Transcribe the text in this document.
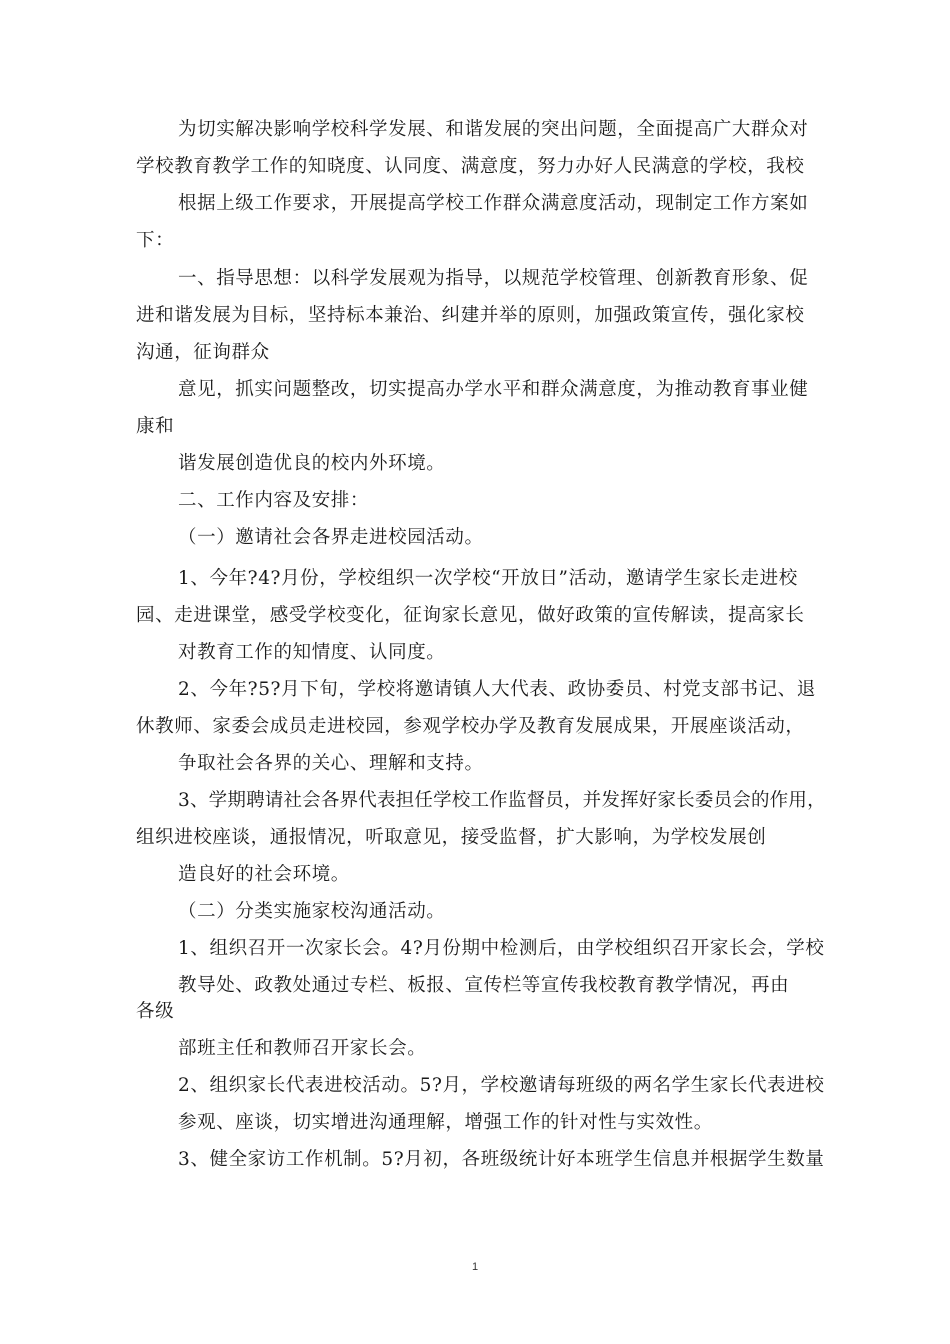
为切实解决影响学校科学发展、和谐发展的突出问题，全面提高广大群众对
学校教育教学工作的知晓度、认同度、满意度，努力办好人民满意的学校，我校
根据上级工作要求，开展提高学校工作群众满意度活动，现制定工作方案如
下：
一、指导思想：以科学发展观为指导，以规范学校管理、创新教育形象、促
进和谐发展为目标，坚持标本兼治、纠建并举的原则，加强政策宣传，强化家校
沟通，征询群众
意见，抓实问题整改，切实提高办学水平和群众满意度，为推动教育事业健
康和
谐发展创造优良的校内外环境。
二、工作内容及安排：
（一）邀请社会各界走进校园活动。
1、今年?4?月份，学校组织一次学校“开放日”活动，邀请学生家长走进校
园、走进课堂，感受学校变化，征询家长意见，做好政策的宣传解读，提高家长
对教育工作的知情度、认同度。
2、今年?5?月下旬，学校将邀请镇人大代表、政协委员、村党支部书记、退
休教师、家委会成员走进校园，参观学校办学及教育发展成果，开展座谈活动，
争取社会各界的关心、理解和支持。
3、学期聘请社会各界代表担任学校工作监督员，并发挥好家长委员会的作用，
组织进校座谈，通报情况，听取意见，接受监督，扩大影响，为学校发展创
造良好的社会环境。
（二）分类实施家校沟通活动。
1、组织召开一次家长会。4?月份期中检测后，由学校组织召开家长会，学校
教导处、政教处通过专栏、板报、宣传栏等宣传我校教育教学情况，再由
各级
部班主任和教师召开家长会。
2、组织家长代表进校活动。5?月，学校邀请每班级的两名学生家长代表进校
参观、座谈，切实增进沟通理解，增强工作的针对性与实效性。
3、健全家访工作机制。5?月初，各班级统计好本班学生信息并根据学生数量
1
